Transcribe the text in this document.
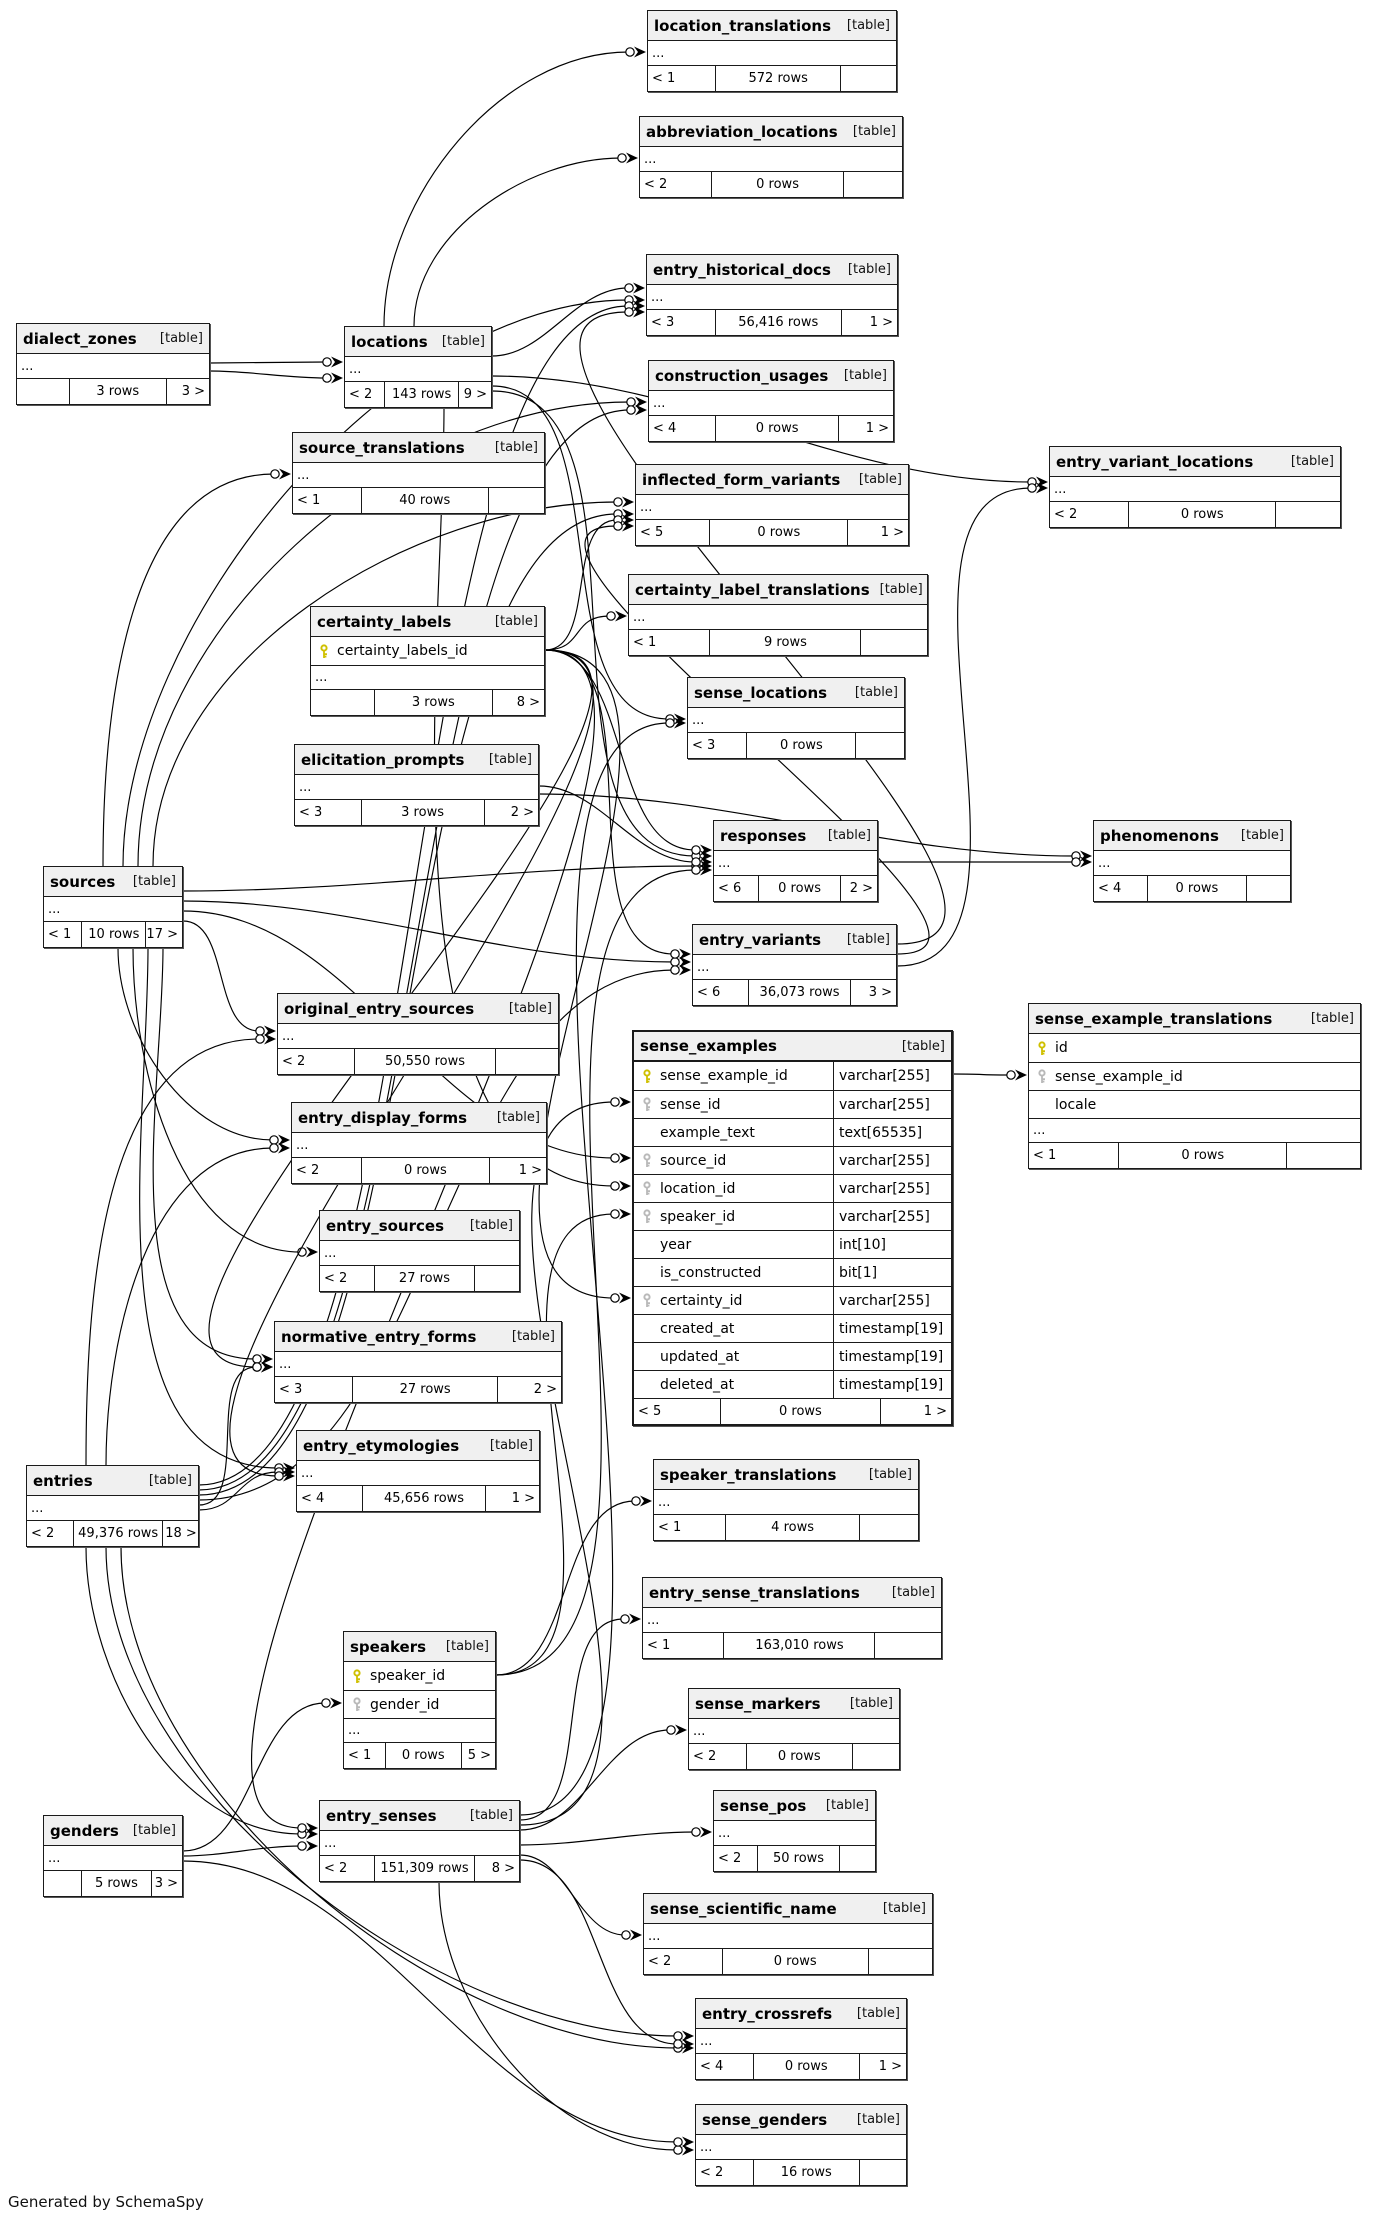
Generated by SchemaSpy
dialect_zones	[table]
...
3 rows	3 >
locations	[table]
...
< 2	143 rows 9 >
source_translations	[table]
...
< 1	40 rows
location_translations	[table]
...
< 1	572 rows
abbreviation_locations	[table]
...
< 2	0 rows
entry_historical_docs	[table]
...
< 3	56,416 rows	1 >
construction_usages	[table]
...
< 4	0 rows	1 >
inflected_form_variants	[table]
...
< 5	0 rows	1 >
entry_variant_locations	[table]
...
< 2	0 rows
certainty_labels	[table]
certainty_labels_id
...
3 rows	8 >
certainty_label_translations [table]
...
< 1	9 rows
sense_locations	[table]
...
< 3	0 rows
elicitation_prompts	[table]
...
< 3	3 rows	2 >
responses	[table]
...
< 6	0 rows	2 >
phenomenons	[table]
...
< 4	0 rows
sources	[table]
...
< 1	10 rows 17 >	entry_variants	[table]
...
< 6	36,073 rows	3 >
original_entry_sources	[table]
...
< 2	50,550 rows
sense_examples	[table]
sense_example_id	varchar[255]
sense_id	varchar[255]
example_text	text[65535]
source_id	varchar[255]
location_id	varchar[255]
speaker_id	varchar[255]
year	int[10]
is_constructed	bit[1]
certainty_id	varchar[255]
created_at	timestamp[19]
updated_at	timestamp[19]
deleted_at	timestamp[19]
< 5	0 rows	1 >
sense_example_translations	[table]
id
sense_example_id
locale
...
< 1	0 rows
entry_display_forms	[table]
...
< 2	0 rows	1 >
entry_sources	[table]
...
< 2	27 rows
normative_entry_forms	[table]
...
< 3	27 rows	2 >
entry_etymologies	[table]
...
< 4	45,656 rows	1 >
entries	[table]
...
< 2	49,376 rows 18 >
speaker_translations	[table]
...
< 1	4 rows
entry_sense_translations	[table]
...
< 1	163,010 rows
speakers	[table]
speaker_id
gender_id
...
< 1	0 rows	5 >
sense_markers	[table]
...
< 2	0 rows
sense_pos	[table]
...
< 2	50 rows
genders	[table]
...
5 rows	3 >
entry_senses	[table]
...
< 2	151,309 rows	8 >
sense_scientific_name	[table]
...
< 2	0 rows
entry_crossrefs	[table]
...
< 4	0 rows	1 >
sense_genders	[table]
...
< 2	16 rows
